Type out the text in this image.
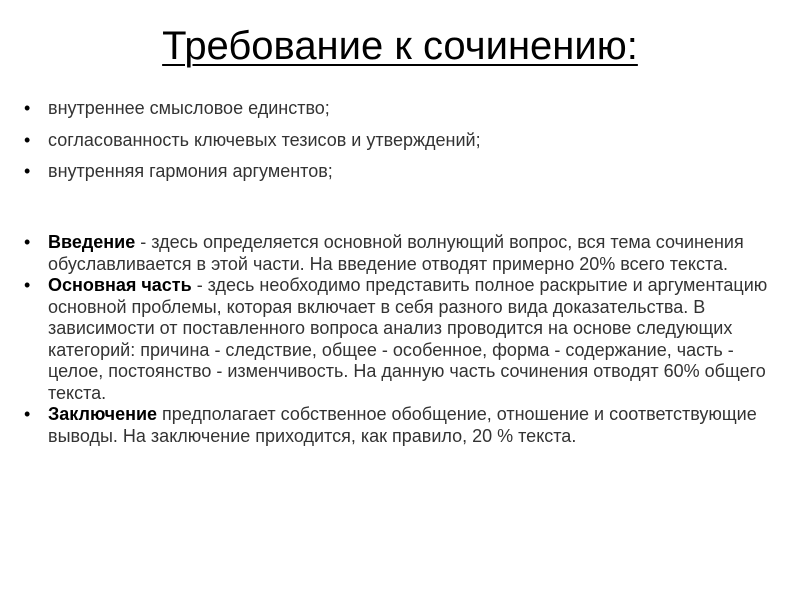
Требование к сочинению:
• внутреннее смысловое единство;
• согласованность ключевых тезисов и утверждений;
• внутренняя гармония аргументов;
• Введение - здесь определяется основной волнующий вопрос, вся тема сочинения обуславливается в этой части. На введение отводят примерно 20% всего текста.
• Основная часть - здесь необходимо представить полное раскрытие и аргументацию основной проблемы, которая включает в себя разного вида доказательства. В зависимости от поставленного вопроса анализ проводится на основе следующих категорий: причина - следствие, общее - особенное, форма - содержание, часть - целое, постоянство - изменчивость. На данную часть сочинения отводят 60% общего текста.
• Заключение предполагает собственное обобщение, отношение и соответствующие выводы. На заключение приходится, как правило, 20 % текста.
